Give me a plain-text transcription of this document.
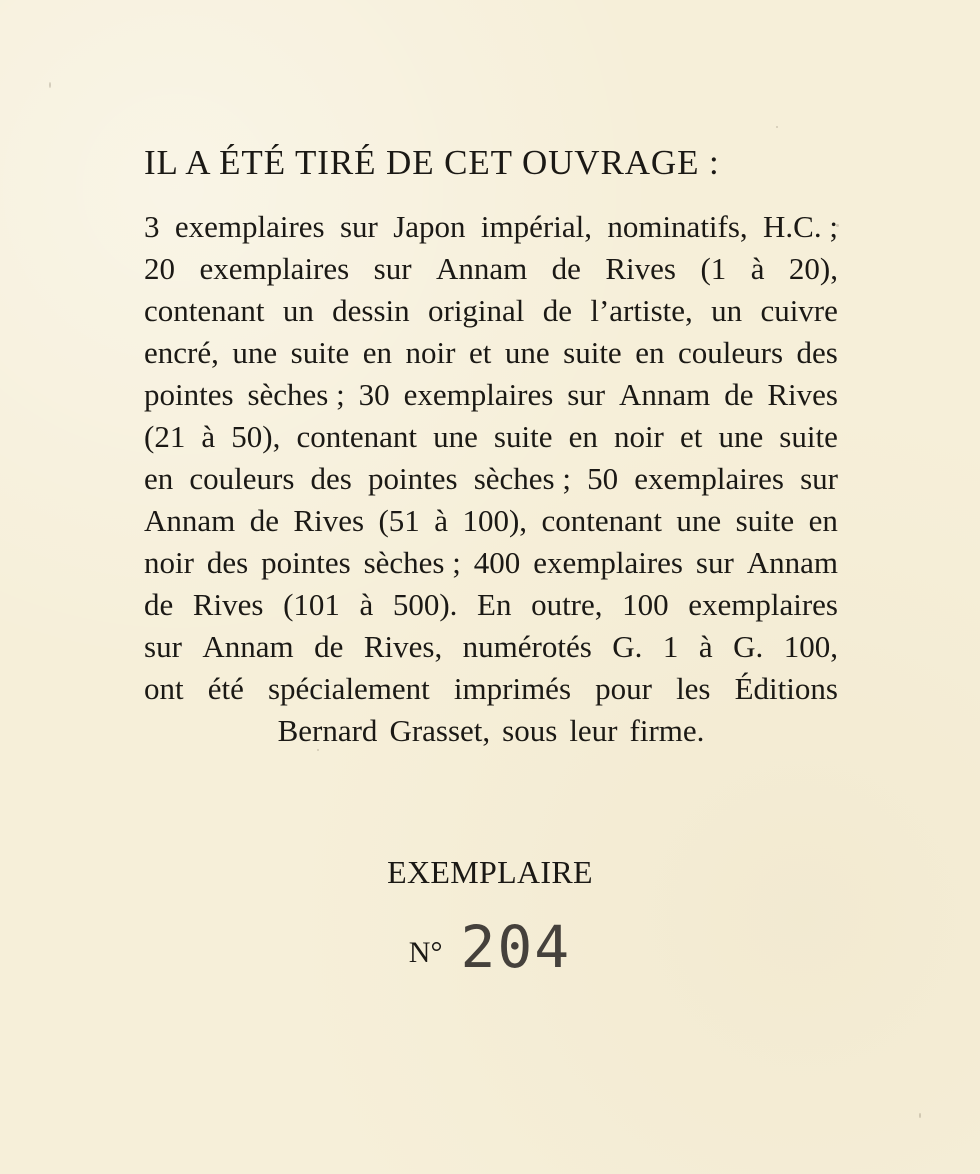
IL A ÉTÉ TIRÉ DE CET OUVRAGE :
3 exemplaires sur Japon impérial, nominatifs, H.C. ;
20 exemplaires sur Annam de Rives (1 à 20),
contenant un dessin original de l’artiste, un cuivre
encré, une suite en noir et une suite en couleurs des
pointes sèches ; 30 exemplaires sur Annam de Rives
(21 à 50), contenant une suite en noir et une suite
en couleurs des pointes sèches ; 50 exemplaires sur
Annam de Rives (51 à 100), contenant une suite en
noir des pointes sèches ; 400 exemplaires sur Annam
de Rives (101 à 500). En outre, 100 exemplaires
sur Annam de Rives, numérotés G. 1 à G. 100,
ont été spécialement imprimés pour les Éditions
Bernard Grasset, sous leur firme.
EXEMPLAIRE
N° 204
